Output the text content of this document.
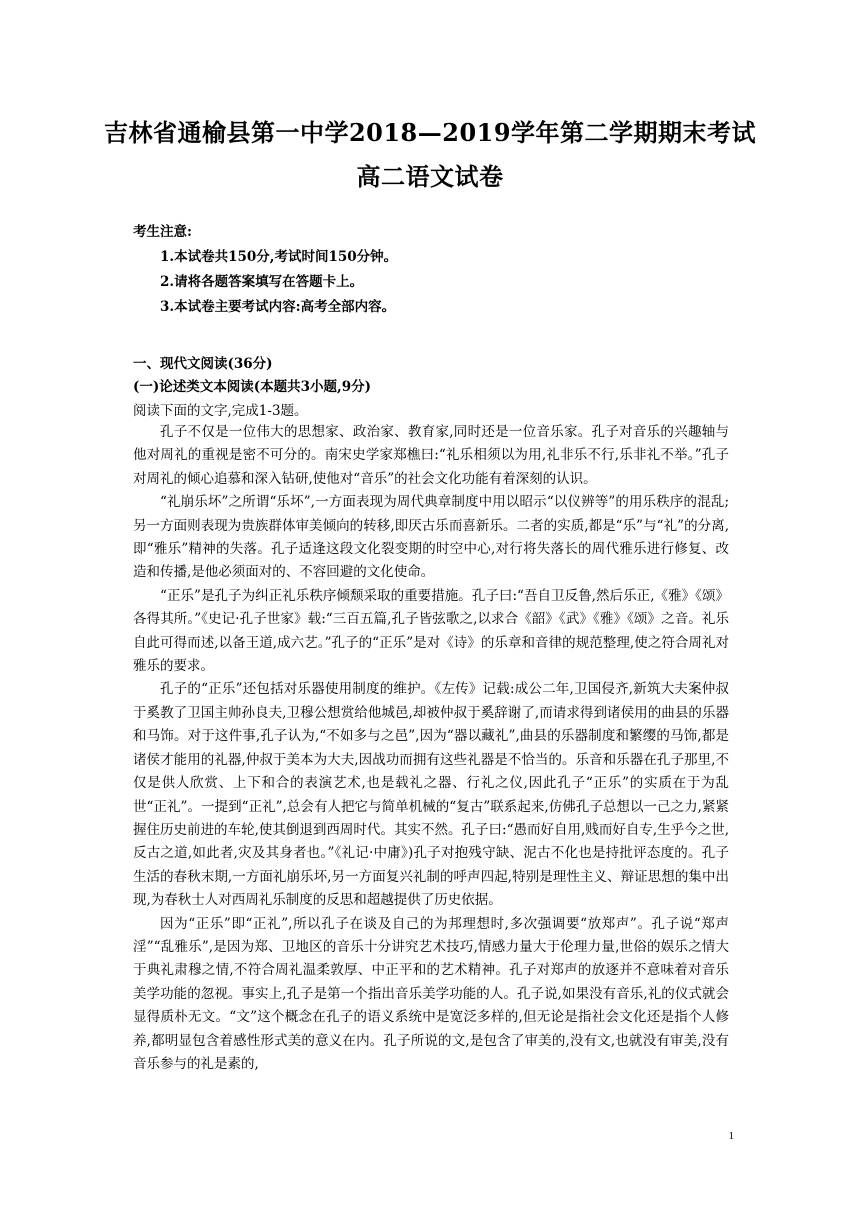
吉林省通榆县第一中学2018—2019学年第二学期期末考试
高二语文试卷
考生注意:
1.本试卷共150分,考试时间150分钟。
2.请将各题答案填写在答题卡上。
3.本试卷主要考试内容:高考全部内容。
一、现代文阅读(36分)
(一)论述类文本阅读(本题共3小题,9分)
阅读下面的文字,完成1-3题。

孔子不仅是一位伟大的思想家、政治家、教育家,同时还是一位音乐家。孔子对音乐的兴趣轴与他对周礼的重视是密不可分的。南宋史学家郑樵曰:“礼乐相须以为用,礼非乐不行,乐非礼不举。”孔子对周礼的倾心追慕和深入钻研,使他对“音乐”的社会文化功能有着深刻的认识。

“礼崩乐坏”之所谓“乐坏”,一方面表现为周代典章制度中用以昭示“以仪辨等”的用乐秩序的混乱;另一方面则表现为贵族群体审美倾向的转移,即厌古乐而喜新乐。二者的实质,都是“乐”与“礼”的分离,即“雅乐”精神的失落。孔子适逢这段文化裂变期的时空中心,对行将失落长的周代雅乐进行修复、改造和传播,是他必须面对的、不容回避的文化使命。

“正乐”是孔子为纠正礼乐秩序倾颓采取的重要措施。孔子曰:“吾自卫反鲁,然后乐正,《雅》《颂》各得其所。”《史记·孔子世家》载:“三百五篇,孔子皆弦歌之,以求合《韶》《武》《雅》《颂》之音。礼乐自此可得而述,以备王道,成六艺。”孔子的“正乐”是对《诗》的乐章和音律的规范整理,使之符合周礼对雅乐的要求。

孔子的“正乐”还包括对乐器使用制度的维护。《左传》记载:成公二年,卫国侵齐,新筑大夫案仲叔于奚教了卫国主帅孙良夫,卫穆公想赏给他城邑,却被仲叔于奚辞谢了,而请求得到诸侯用的曲县的乐器和马饰。对于这件事,孔子认为,“不如多与之邑”,因为“器以藏礼”,曲县的乐器制度和繁缨的马饰,都是诸侯才能用的礼器,仲叔于美本为大夫,因战功而拥有这些礼器是不恰当的。乐音和乐器在孔子那里,不仅是供人欣赏、上下和合的表演艺术,也是载礼之器、行礼之仪,因此孔子“正乐”的实质在于为乱世“正礼”。一提到“正礼”,总会有人把它与简单机械的“复古”联系起来,仿佛孔子总想以一己之力,紧紧握住历史前进的车轮,使其倒退到西周时代。其实不然。孔子曰:“愚而好自用,贱而好自专,生乎今之世,反古之道,如此者,灾及其身者也。”《礼记·中庸》)孔子对抱残守缺、泥古不化也是持批评态度的。孔子生活的春秋末期,一方面礼崩乐坏,另一方面复兴礼制的呼声四起,特别是理性主义、辩证思想的集中出现,为春秋士人对西周礼乐制度的反思和超越提供了历史依据。

因为“正乐”即“正礼”,所以孔子在谈及自己的为邦理想时,多次强调要“放郑声”。孔子说“郑声淫”“乱雅乐”,是因为郑、卫地区的音乐十分讲究艺术技巧,情感力量大于伦理力量,世俗的娱乐之情大于典礼肃穆之情,不符合周礼温柔敦厚、中正平和的艺术精神。孔子对郑声的放逐并不意味着对音乐美学功能的忽视。事实上,孔子是第一个指出音乐美学功能的人。孔子说,如果没有音乐,礼的仪式就会显得质朴无文。“文”这个概念在孔子的语义系统中是宽泛多样的,但无论是指社会文化还是指个人修养,都明显包含着感性形式美的意义在内。孔子所说的文,是包含了审美的,没有文,也就没有审美,没有音乐参与的礼是素的,

1
